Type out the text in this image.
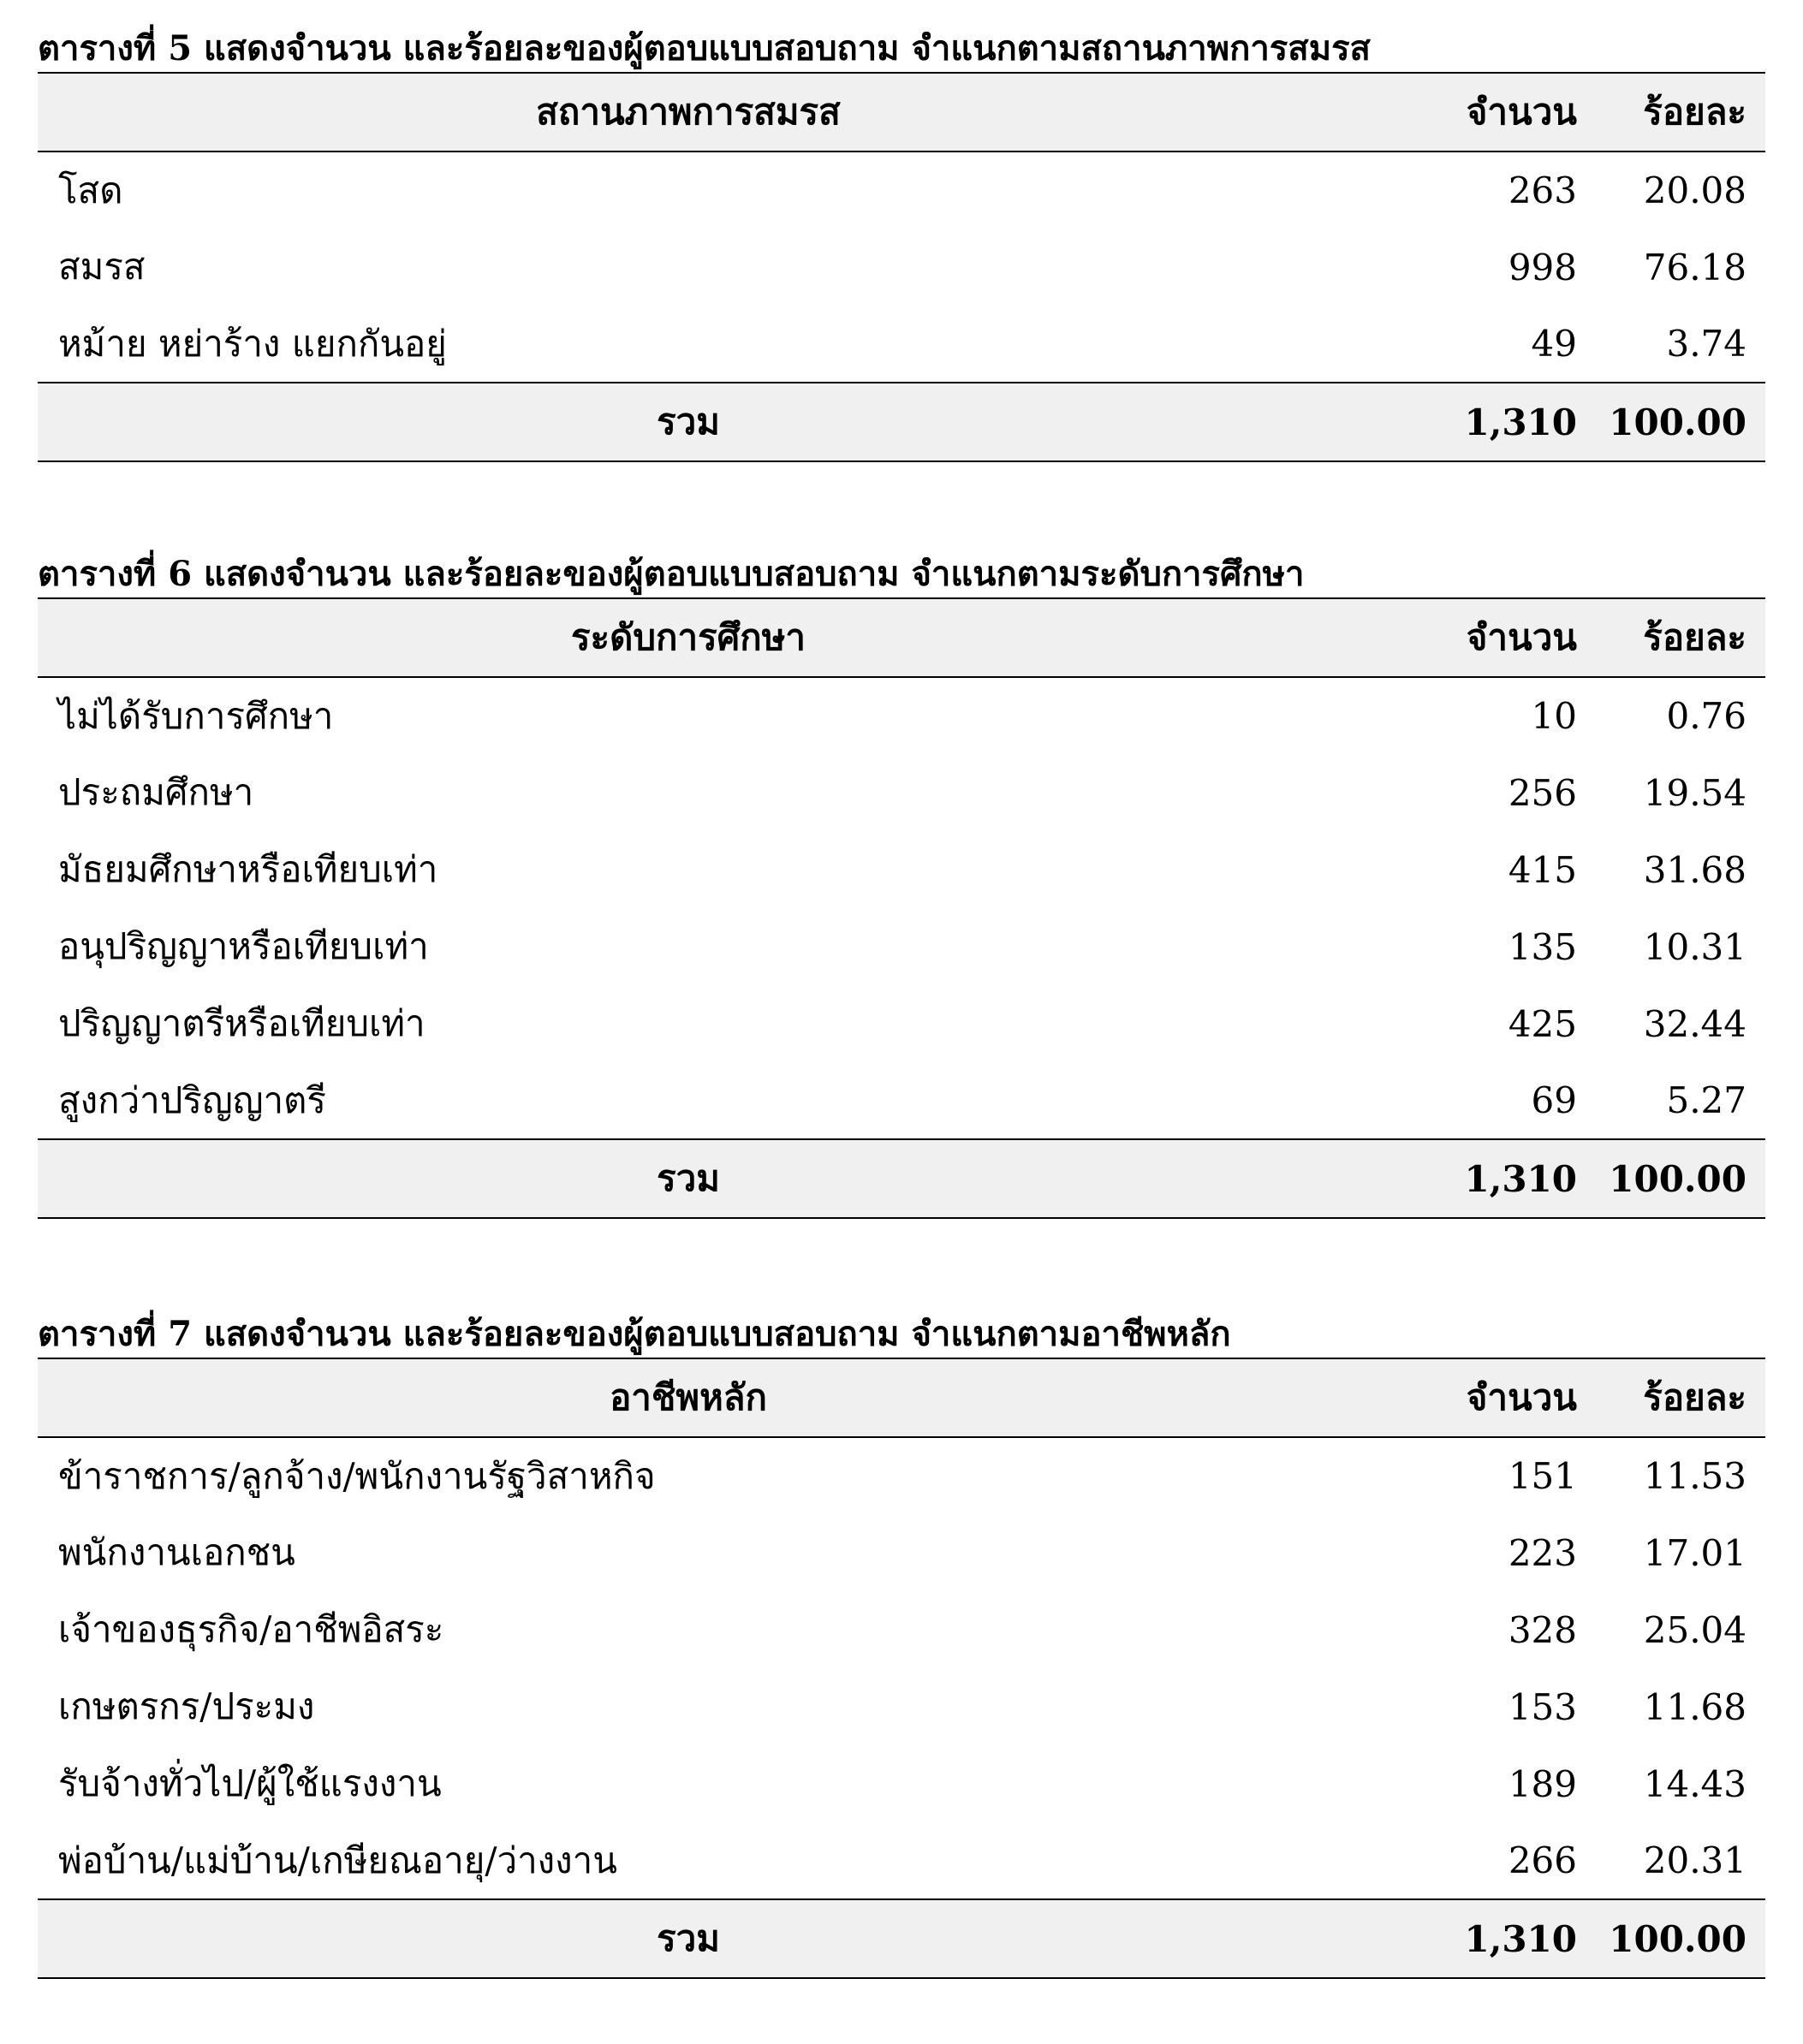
ตารางที่ 5 แสดงจำนวน และร้อยละของผู้ตอบแบบสอบถาม จำแนกตามสถานภาพการสมรส
สถานภาพการสมรส	จำนวน	ร้อยละ
โสด	263	20.08
สมรส	998	76.18
หม้าย หย่าร้าง แยกกันอยู่	49	3.74
รวม	1,310	100.00
ตารางที่ 6 แสดงจำนวน และร้อยละของผู้ตอบแบบสอบถาม จำแนกตามระดับการศึกษา
ระดับการศึกษา	จำนวน	ร้อยละ
ไม่ได้รับการศึกษา	10	0.76
ประถมศึกษา	256	19.54
มัธยมศึกษาหรือเทียบเท่า	415	31.68
อนุปริญญาหรือเทียบเท่า	135	10.31
ปริญญาตรีหรือเทียบเท่า	425	32.44
สูงกว่าปริญญาตรี	69	5.27
รวม	1,310	100.00
ตารางที่ 7 แสดงจำนวน และร้อยละของผู้ตอบแบบสอบถาม จำแนกตามอาชีพหลัก
อาชีพหลัก	จำนวน	ร้อยละ
ข้าราชการ/ลูกจ้าง/พนักงานรัฐวิสาหกิจ	151	11.53
พนักงานเอกชน	223	17.01
เจ้าของธุรกิจ/อาชีพอิสระ	328	25.04
เกษตรกร/ประมง	153	11.68
รับจ้างทั่วไป/ผู้ใช้แรงงาน	189	14.43
พ่อบ้าน/แม่บ้าน/เกษียณอายุ/ว่างงาน	266	20.31
รวม	1,310	100.00
